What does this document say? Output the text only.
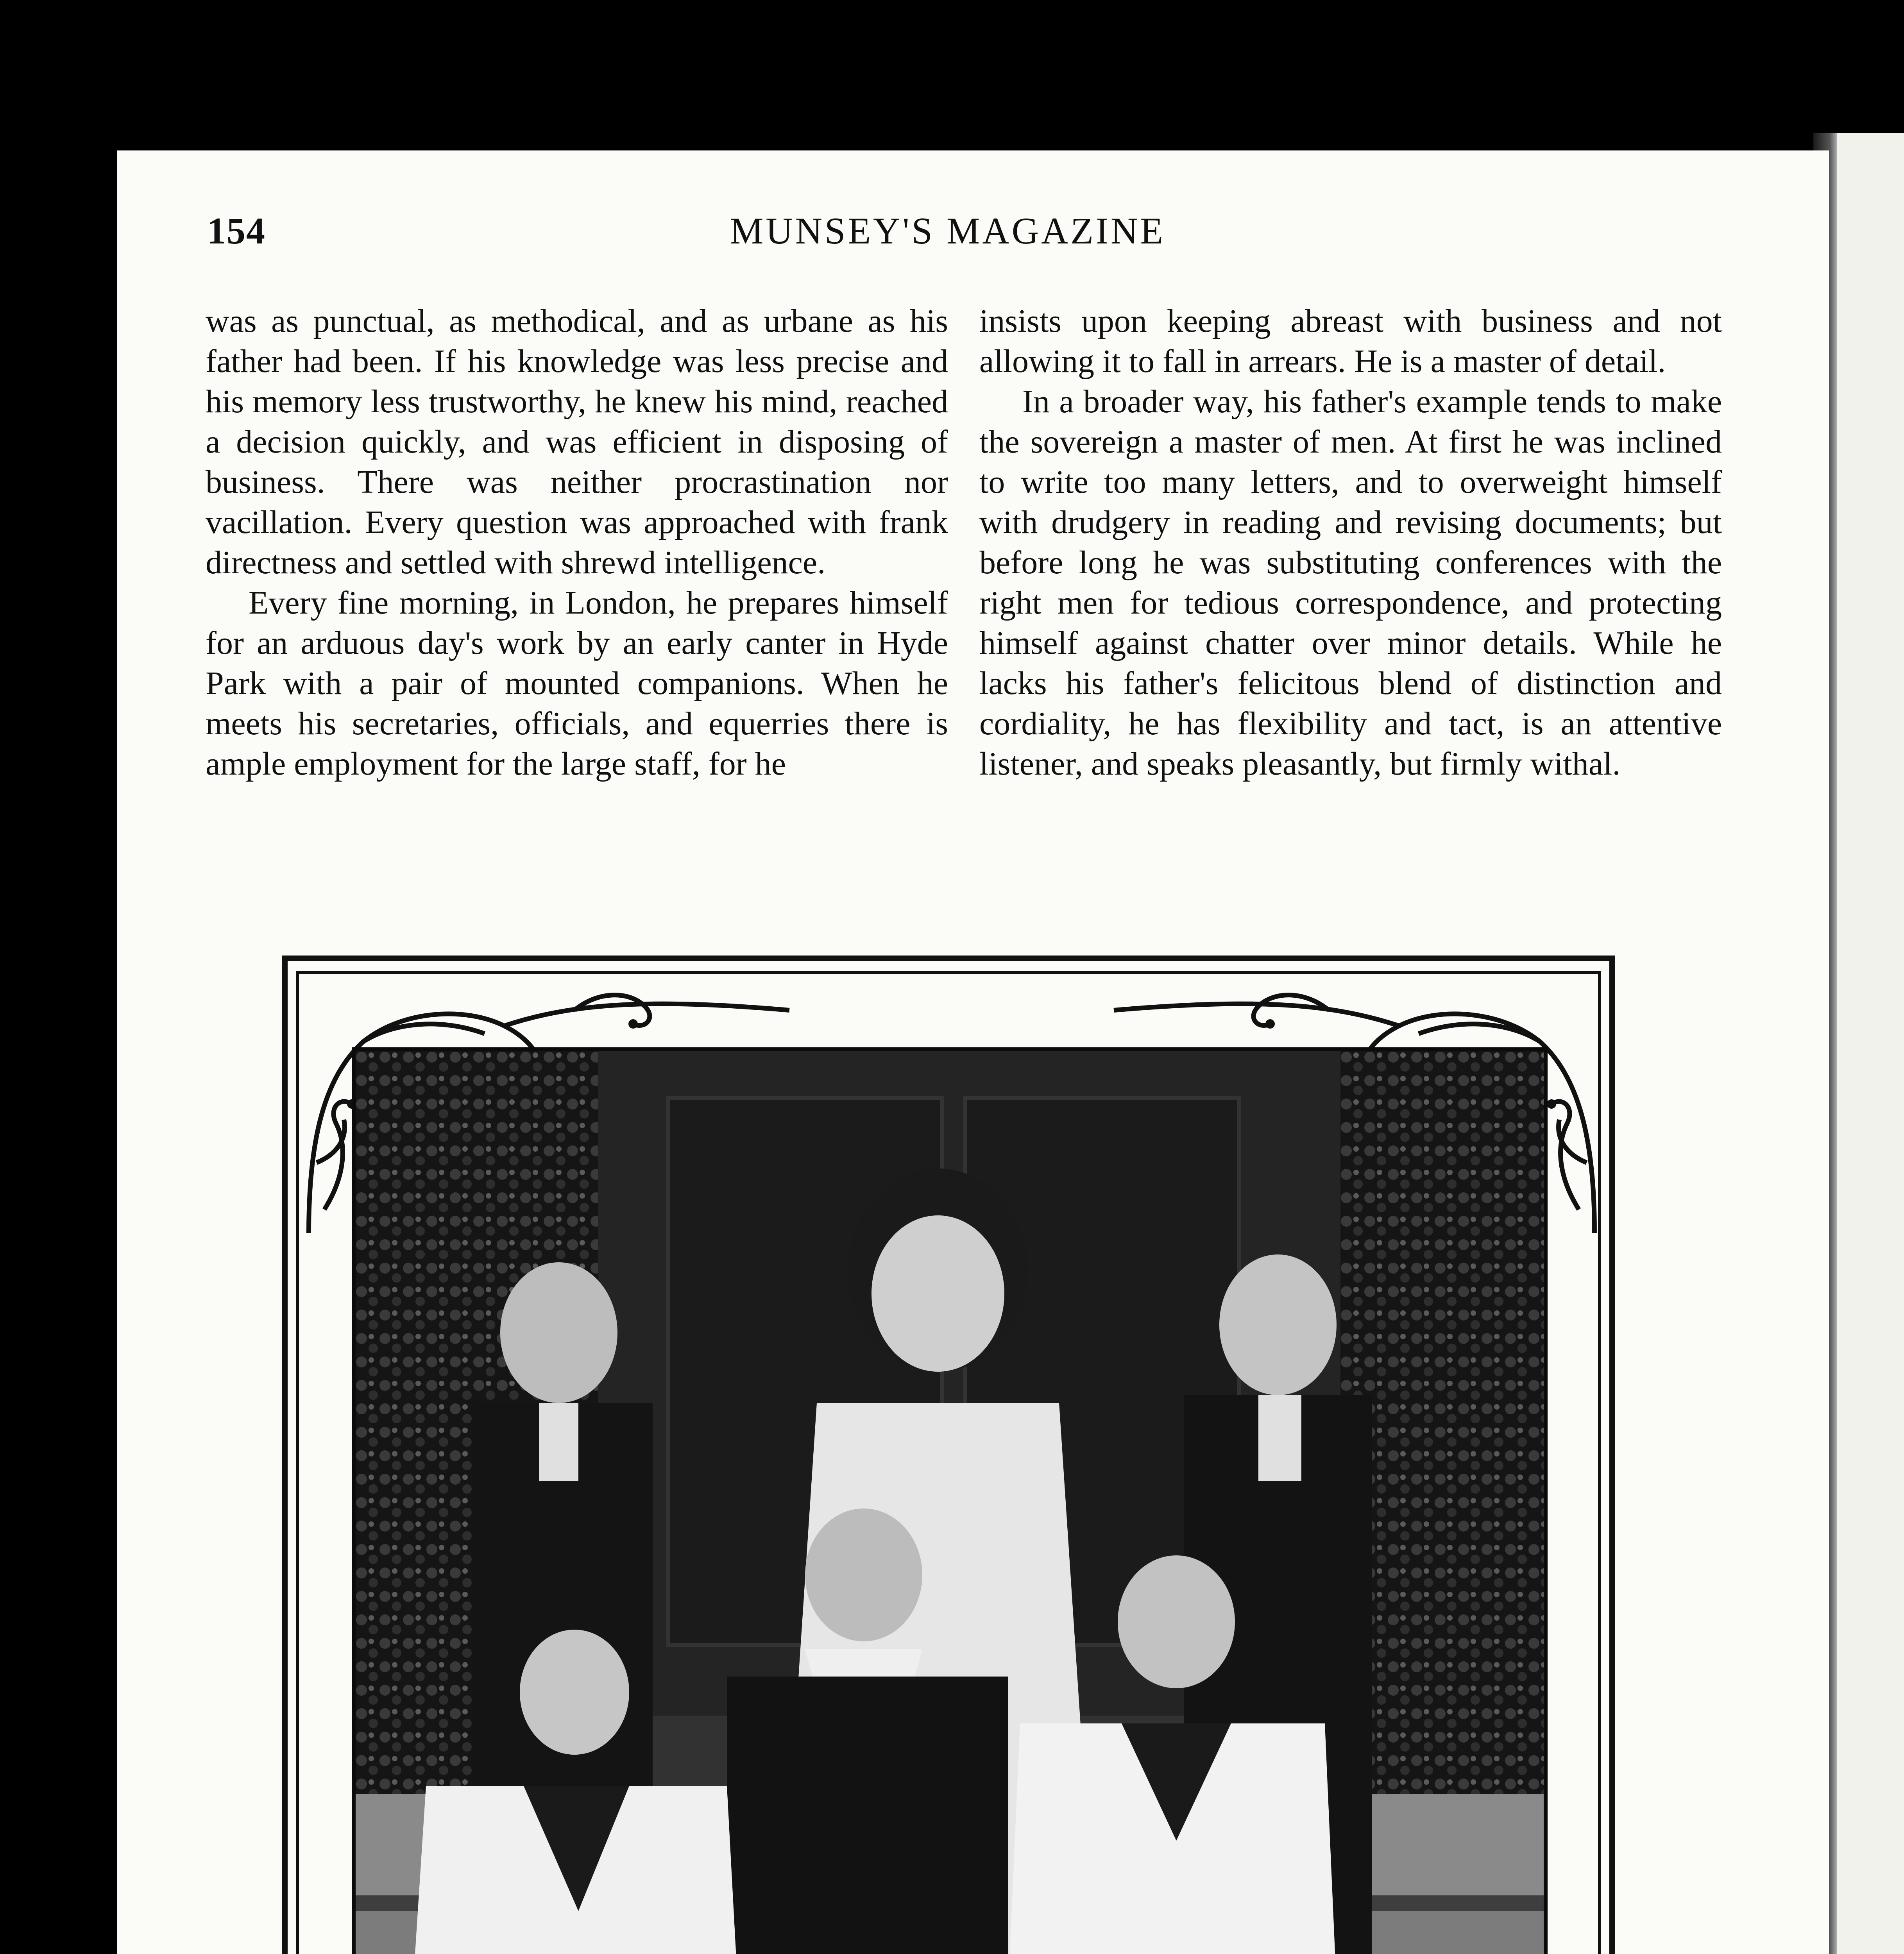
154	MUNSEY'S MAGAZINE

was as punctual, as methodical, and as urbane as his father had been. If his knowledge was less precise and his memory less trustworthy, he knew his mind, reached a decision quickly, and was efficient in disposing of business. There was neither procrastination nor vacillation. Every question was approached with frank directness and settled with shrewd intelligence.

Every fine morning, in London, he prepares himself for an arduous day's work by an early canter in Hyde Park with a pair of mounted companions. When he meets his secretaries, officials, and equerries there is ample employment for the large staff, for he

insists upon keeping abreast with business and not allowing it to fall in arrears. He is a master of detail.

In a broader way, his father's example tends to make the sovereign a master of men. At first he was inclined to write too many letters, and to overweight himself with drudgery in reading and revising documents; but before long he was substituting conferences with the right men for tedious correspondence, and protecting himself against chatter over minor details. While he lacks his father's felicitous blend of distinction and cordiality, he has flexibility and tact, is an attentive listener, and speaks pleasantly, but firmly withal.
